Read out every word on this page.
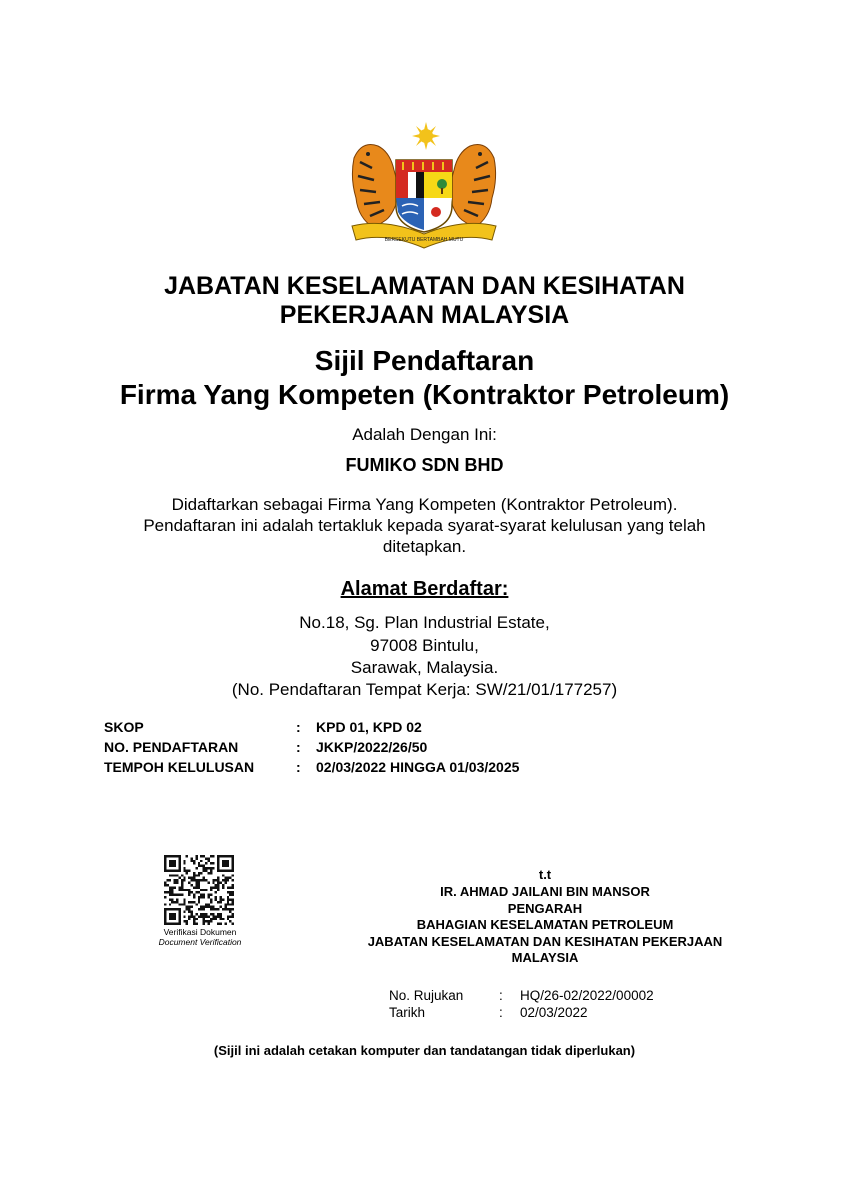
BERSEKUTU BERTAMBAH MUTU
JABATAN KESELAMATAN DAN KESIHATAN
PEKERJAAN MALAYSIA
Sijil Pendaftaran
Firma Yang Kompeten (Kontraktor Petroleum)
Adalah Dengan Ini:
FUMIKO SDN BHD
Didaftarkan sebagai Firma Yang Kompeten (Kontraktor Petroleum).
Pendaftaran ini adalah tertakluk kepada syarat-syarat kelulusan yang telah
ditetapkan.
Alamat Berdaftar:
No.18, Sg. Plan Industrial Estate,
97008 Bintulu,
Sarawak, Malaysia.
(No. Pendaftaran Tempat Kerja: SW/21/01/177257)
SKOP	: KPD 01, KPD 02
NO. PENDAFTARAN	: JKKP/2022/26/50
TEMPOH KELULUSAN	: 02/03/2022 HINGGA 01/03/2025
Verifikasi Dokumen
Document Verification
t.t
IR. AHMAD JAILANI BIN MANSOR
PENGARAH
BAHAGIAN KESELAMATAN PETROLEUM
JABATAN KESELAMATAN DAN KESIHATAN PEKERJAAN
MALAYSIA
No. Rujukan	: HQ/26-02/2022/00002
Tarikh	: 02/03/2022
(Sijil ini adalah cetakan komputer dan tandatangan tidak diperlukan)
